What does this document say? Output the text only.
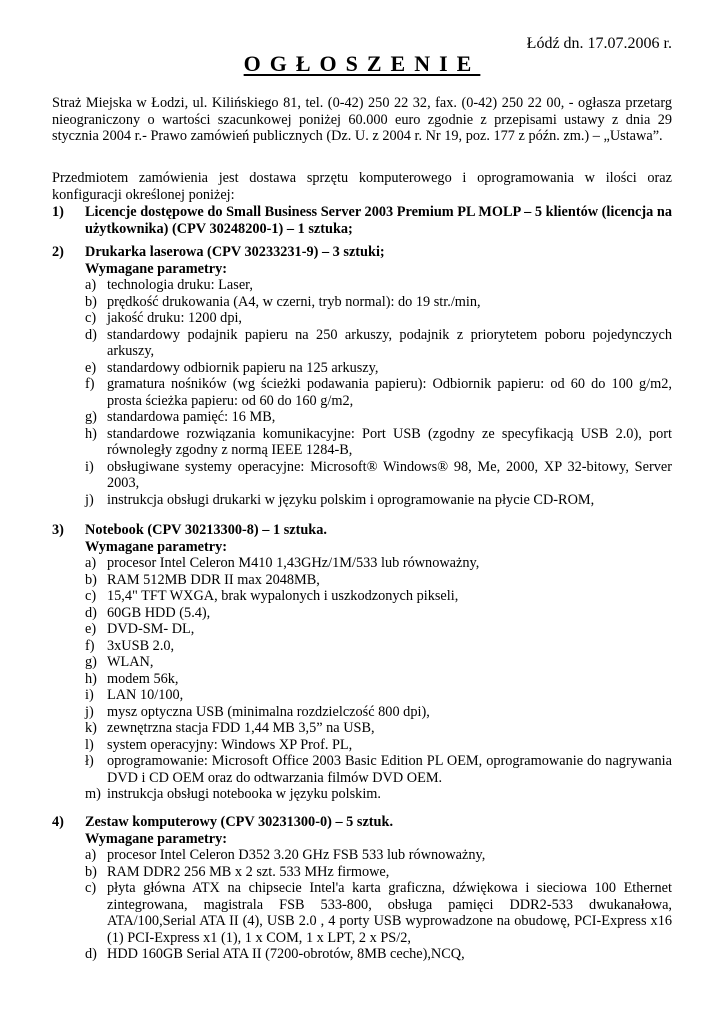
Łódź dn. 17.07.2006 r.
OGŁOSZENIE
Straż Miejska w Łodzi, ul. Kilińskiego 81, tel. (0-42) 250 22 32, fax. (0-42) 250 22 00, - ogłasza przetarg nieograniczony o wartości szacunkowej poniżej 60.000 euro zgodnie z przepisami ustawy z dnia 29 stycznia 2004 r.- Prawo zamówień publicznych (Dz. U. z 2004 r. Nr 19, poz. 177 z późn. zm.) – „Ustawa”.
Przedmiotem zamówienia jest dostawa sprzętu komputerowego i oprogramowania w ilości oraz konfiguracji określonej poniżej:
1)	Licencje dostępowe do Small Business Server 2003 Premium PL MOLP – 5 klientów (licencja na użytkownika) (CPV 30248200-1) – 1 sztuka;
2)	Drukarka laserowa (CPV 30233231-9) – 3 sztuki;
Wymagane parametry:
a) technologia druku: Laser,
b) prędkość drukowania (A4, w czerni, tryb normal): do 19 str./min,
c) jakość druku: 1200 dpi,
d) standardowy podajnik papieru na 250 arkuszy, podajnik z priorytetem poboru pojedynczych arkuszy,
e) standardowy odbiornik papieru na 125 arkuszy,
f) gramatura nośników (wg ścieżki podawania papieru): Odbiornik papieru: od 60 do 100 g/m2, prosta ścieżka papieru: od 60 do 160 g/m2,
g) standardowa pamięć: 16 MB,
h) standardowe rozwiązania komunikacyjne: Port USB (zgodny ze specyfikacją USB 2.0), port równoległy zgodny z normą IEEE 1284-B,
i) obsługiwane systemy operacyjne: Microsoft® Windows® 98, Me, 2000, XP 32-bitowy, Server 2003,
j) instrukcja obsługi drukarki w języku polskim i oprogramowanie na płycie CD-ROM,
3)	Notebook (CPV 30213300-8) – 1 sztuka.
Wymagane parametry:
a) procesor Intel Celeron M410 1,43GHz/1M/533 lub równoważny,
b) RAM 512MB DDR II max 2048MB,
c) 15,4" TFT WXGA, brak wypalonych i uszkodzonych pikseli,
d) 60GB HDD (5.4),
e) DVD-SM- DL,
f) 3xUSB 2.0,
g) WLAN,
h) modem 56k,
i) LAN 10/100,
j) mysz optyczna USB (minimalna rozdzielczość 800 dpi),
k) zewnętrzna stacja FDD 1,44 MB 3,5” na USB,
l) system operacyjny: Windows XP Prof. PL,
ł) oprogramowanie: Microsoft Office 2003 Basic Edition PL OEM, oprogramowanie do nagrywania DVD i CD OEM oraz do odtwarzania filmów DVD OEM.
m) instrukcja obsługi notebooka w języku polskim.
4)	Zestaw komputerowy (CPV 30231300-0) – 5 sztuk.
Wymagane parametry:
a) procesor Intel Celeron D352 3.20 GHz FSB 533 lub równoważny,
b) RAM DDR2 256 MB x 2 szt. 533 MHz firmowe,
c) płyta główna ATX na chipsecie Intel'a karta graficzna, dźwiękowa i sieciowa 100 Ethernet zintegrowana, magistrala FSB 533-800, obsługa pamięci DDR2-533 dwukanałowa, ATA/100,Serial ATA II (4), USB 2.0 , 4 porty USB wyprowadzone na obudowę, PCI-Express x16 (1) PCI-Express x1 (1), 1 x COM, 1 x LPT, 2 x PS/2,
d) HDD 160GB Serial ATA II (7200-obrotów, 8MB ceche),NCQ,
